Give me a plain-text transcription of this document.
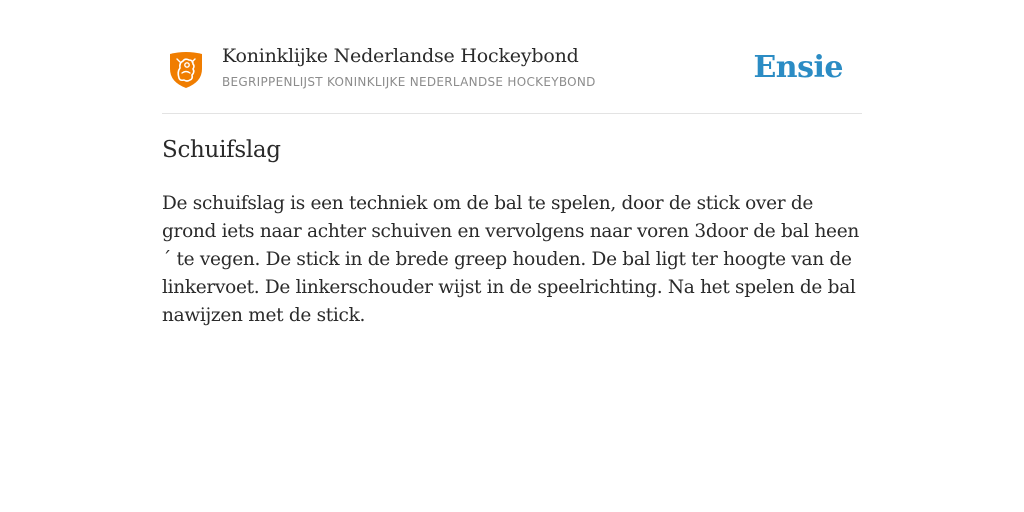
Koninklijke Nederlandse Hockeybond
BEGRIPPENLIJST KONINKLIJKE NEDERLANDSE HOCKEYBOND	Ensie
Schuifslag

De schuifslag is een techniek om de bal te spelen, door de stick over de grond iets naar achter schuiven en vervolgens naar voren 3door de bal heen´ te vegen. De stick in de brede greep houden. De bal ligt ter hoogte van de linkervoet. De linkerschouder wijst in de speelrichting. Na het spelen de bal nawijzen met de stick.
